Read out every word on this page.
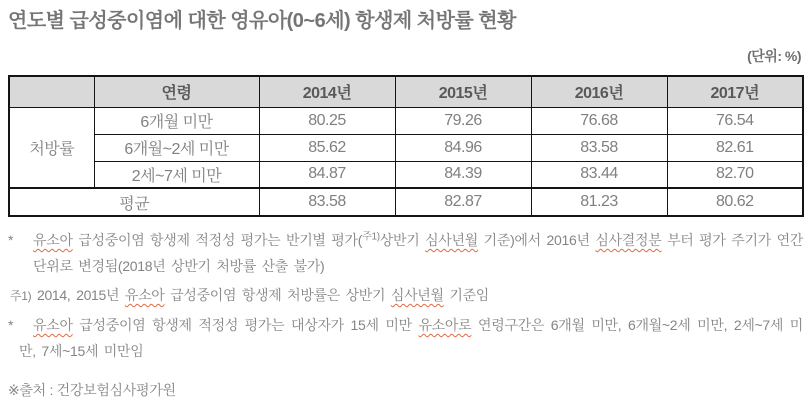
연도별 급성중이염에 대한 영유아(0~6세) 항생제 처방률 현황
(단위: %)
	연령	2014년	2015년	2016년	2017년
처방률	6개월 미만	80.25	79.26	76.68	76.54
	6개월~2세 미만	85.62	84.96	83.58	82.61
	2세~7세 미만	84.87	84.39	83.44	82.70
평균		83.58	82.87	81.23	80.62

* 유소아 급성중이염 항생제 적정성 평가는 반기별 평가($^{주1)}$상반기 심사년월 기준)에서 2016년 심사결정분 부터 평가 주기가 연간단위로 변경됨(2018년 상반기 처방률 산출 불가)

주1) 2014, 2015년 유소아 급성중이염 항생제 처방률은 상반기 심사년월 기준임

* 유소아 급성중이염 항생제 적정성 평가는 대상자가 15세 미만 유소아로 연령구간은 6개월 미만, 6개월~2세 미만, 2세~7세 미만, 7세~15세 미만임

※출처 : 건강보험심사평가원
